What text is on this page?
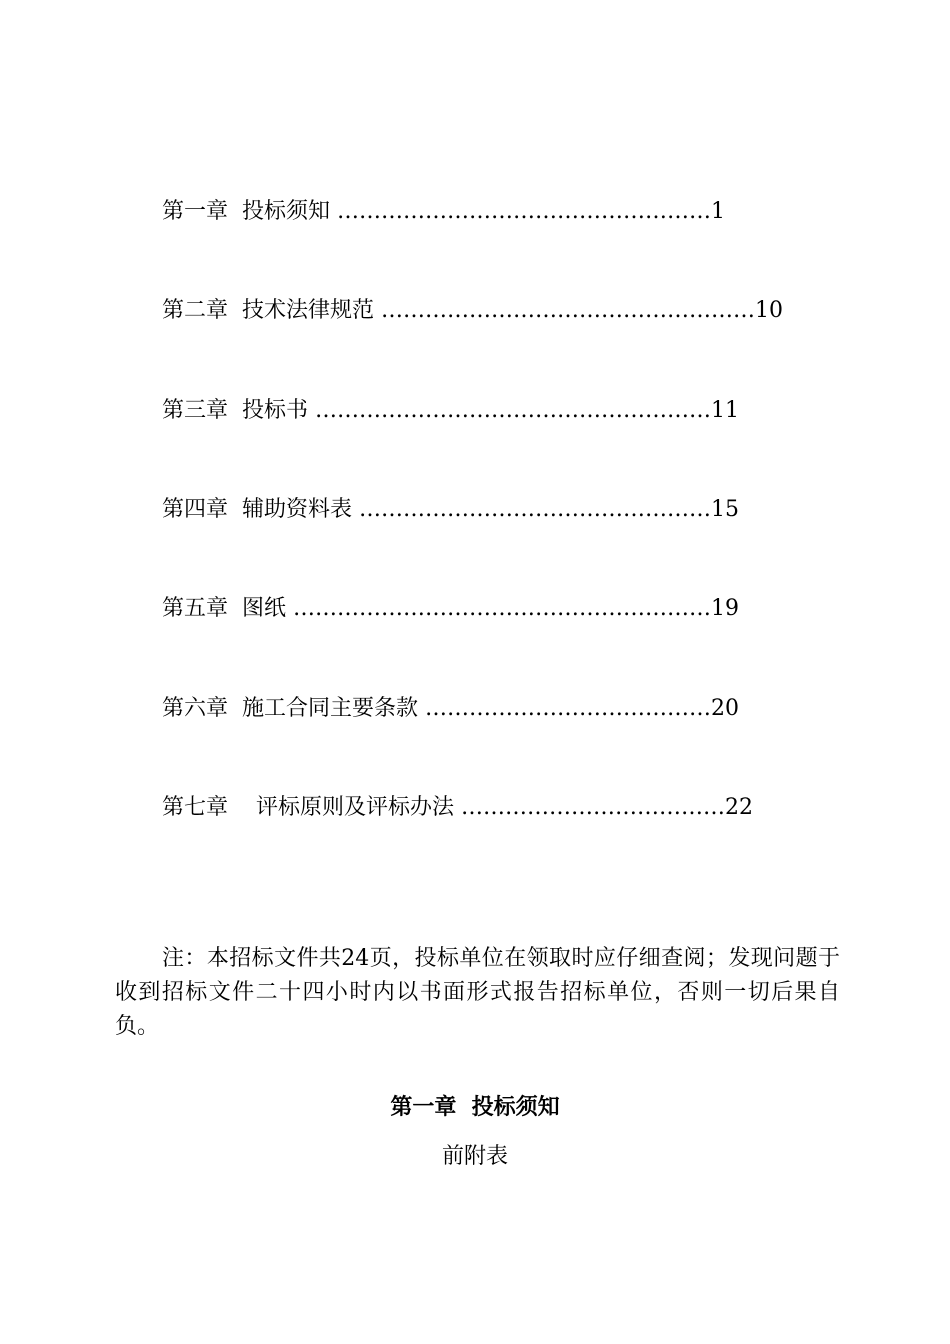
第一章 投标须知 ……………………………………………1
第二章 技术法律规范 ……………………………………………10
第三章 投标书 ………………………………………………11
第四章 辅助资料表 …………………………………………15
第五章 图纸 …………………………………………………19
第六章 施工合同主要条款 …………………………………20
第七章 评标原则及评标办法 ………………………………22
注：本招标文件共24页，投标单位在领取时应仔细查阅；发现问题于收到招标文件二十四小时内以书面形式报告招标单位，否则一切后果自负。
第一章  投标须知
前附表
